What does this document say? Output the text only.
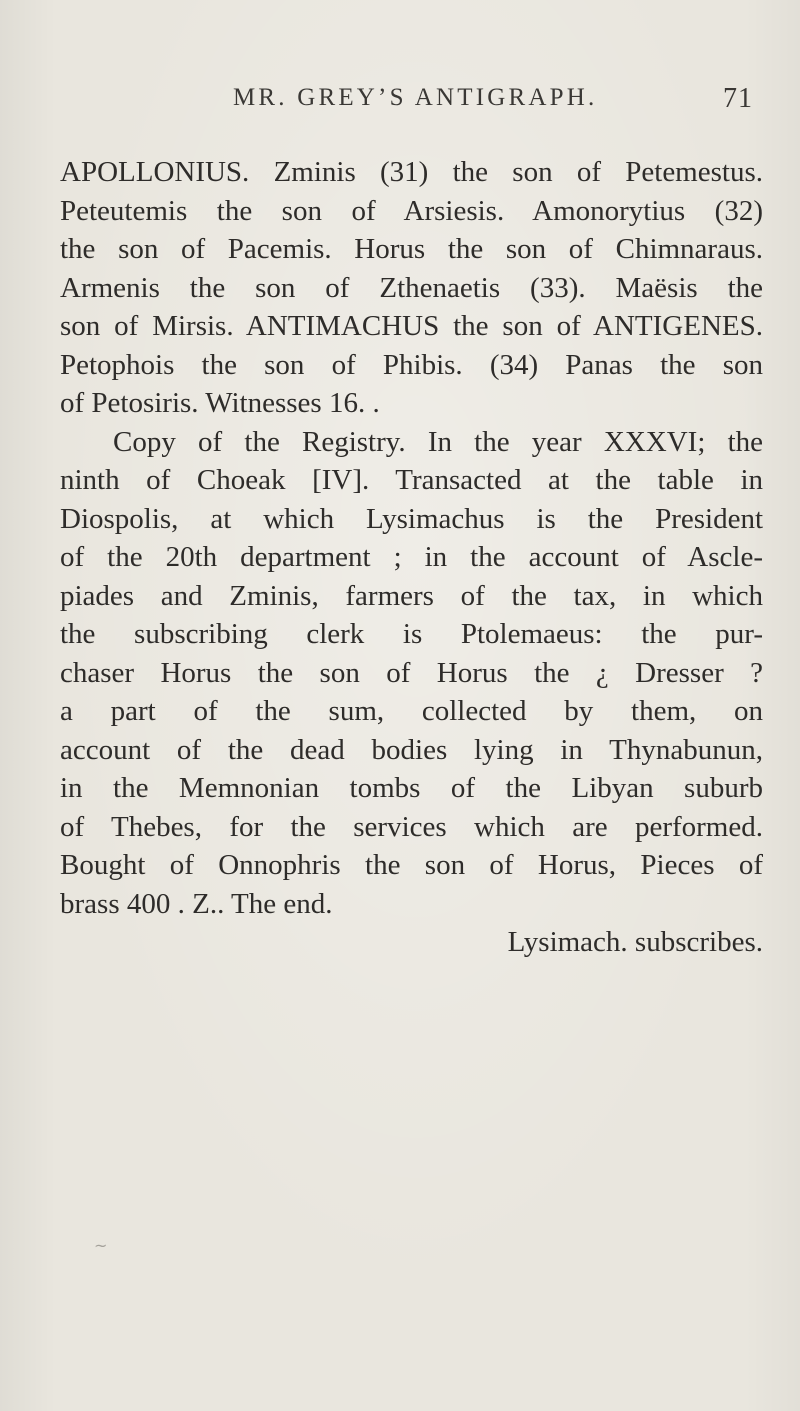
MR. GREY’S ANTIGRAPH.	71
APOLLONIUS. Zminis (31) the son of Petemestus.
Peteutemis the son of Arsiesis. Amonorytius (32)
the son of Pacemis. Horus the son of Chimnaraus.
Armenis the son of Zthenaetis (33). Maësis the
son of Mirsis. ANTIMACHUS the son of ANTIGENES.
Petophois the son of Phibis. (34) Panas the son
of Petosiris. Witnesses 16. .
Copy of the Registry. In the year XXXVI; the
ninth of Choeak [IV]. Transacted at the table in
Diospolis, at which Lysimachus is the President
of the 20th department ; in the account of Ascle-
piades and Zminis, farmers of the tax, in which
the subscribing clerk is Ptolemaeus: the pur-
chaser Horus the son of Horus the ¿ Dresser ?
a part of the sum, collected by them, on
account of the dead bodies lying in Thynabunun,
in the Memnonian tombs of the Libyan suburb
of Thebes, for the services which are performed.
Bought of Onnophris the son of Horus, Pieces of
brass 400 . Z.. The end.
Lysimach. subscribes.
~
